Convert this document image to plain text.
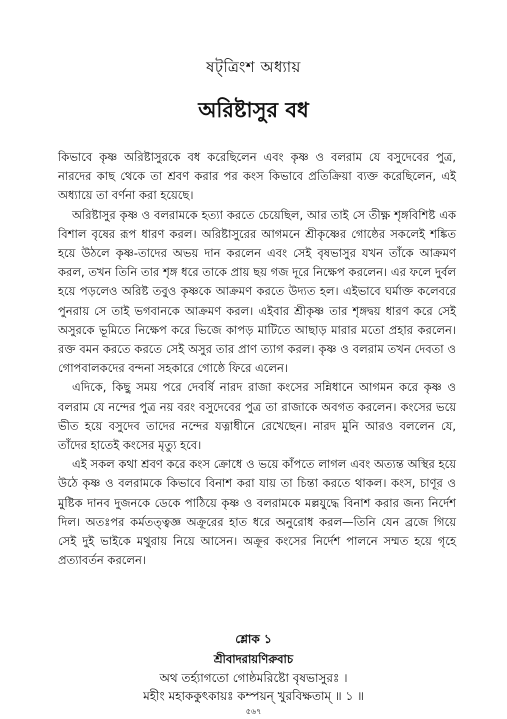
ষট্‌ত্রিংশ অধ্যায়
অরিষ্টাসুর বধ

কিভাবে কৃষ্ণ অরিষ্টাসুরকে বধ করেছিলেন এবং কৃষ্ণ ও বলরাম যে বসুদেবের পুত্র, নারদের কাছ থেকে তা শ্রবণ করার পর কংস কিভাবে প্রতিক্রিয়া ব্যক্ত করেছিলেন, এই অধ্যায়ে তা বর্ণনা করা হয়েছে।

অরিষ্টাসুর কৃষ্ণ ও বলরামকে হত্যা করতে চেয়েছিল, আর তাই সে তীক্ষ্ণ শৃঙ্গবিশিষ্ট এক বিশাল বৃষের রূপ ধারণ করল। অরিষ্টাসুরের আগমনে শ্রীকৃষ্ণের গোষ্ঠের সকলেই শঙ্কিত হয়ে উঠলে কৃষ্ণ-তাদের অভয় দান করলেন এবং সেই বৃষভাসুর যখন তাঁকে আক্রমণ করল, তখন তিনি তার শৃঙ্গ ধরে তাকে প্রায় ছয় গজ দূরে নিক্ষেপ করলেন। এর ফলে দুর্বল হয়ে পড়লেও অরিষ্ট তবুও কৃষ্ণকে আক্রমণ করতে উদ্যত হল। এইভাবে ঘর্মাক্ত কলেবরে পুনরায় সে তাই ভগবানকে আক্রমণ করল। এইবার শ্রীকৃষ্ণ তার শৃঙ্গদ্বয় ধারণ করে সেই অসুরকে ভূমিতে নিক্ষেপ করে ভিজে কাপড় মাটিতে আছাড় মারার মতো প্রহার করলেন। রক্ত বমন করতে করতে সেই অসুর তার প্রাণ ত্যাগ করল। কৃষ্ণ ও বলরাম তখন দেবতা ও গোপবালকদের বন্দনা সহকারে গোষ্ঠে ফিরে এলেন।

এদিকে, কিছু সময় পরে দেবর্ষি নারদ রাজা কংসের সন্নিধানে আগমন করে কৃষ্ণ ও বলরাম যে নন্দের পুত্র নয় বরং বসুদেবের পুত্র তা রাজাকে অবগত করলেন। কংসের ভয়ে ভীত হয়ে বসুদেব তাদের নন্দের যত্নাধীনে রেখেছেন। নারদ মুনি আরও বললেন যে, তাঁদের হাতেই কংসের মৃত্যু হবে।

এই সকল কথা শ্রবণ করে কংস ক্রোধে ও ভয়ে কাঁপতে লাগল এবং অত্যন্ত অস্থির হয়ে উঠে কৃষ্ণ ও বলরামকে কিভাবে বিনাশ করা যায় তা চিন্তা করতে থাকল। কংস, চাণূর ও মুষ্টিক দানব দুজনকে ডেকে পাঠিয়ে কৃষ্ণ ও বলরামকে মল্লযুদ্ধে বিনাশ করার জন্য নির্দেশ দিল। অতঃপর কর্মতত্ত্বজ্ঞ অক্রূরের হাত ধরে অনুরোধ করল—তিনি যেন ব্রজে গিয়ে সেই দুই ভাইকে মথুরায় নিয়ে আসেন। অক্রূর কংসের নির্দেশ পালনে সম্মত হয়ে গৃহে প্রত্যাবর্তন করলেন।

শ্লোক ১
শ্রীবাদরায়ণিরুবাচ
অথ তর্হ্যাগতো গোষ্ঠমরিষ্টো বৃষভাসুরঃ ।
মহীং মহাককুৎকায়ঃ কম্পয়ন্ খুরবিক্ষতাম্ ॥ ১ ॥
৫৬৭
